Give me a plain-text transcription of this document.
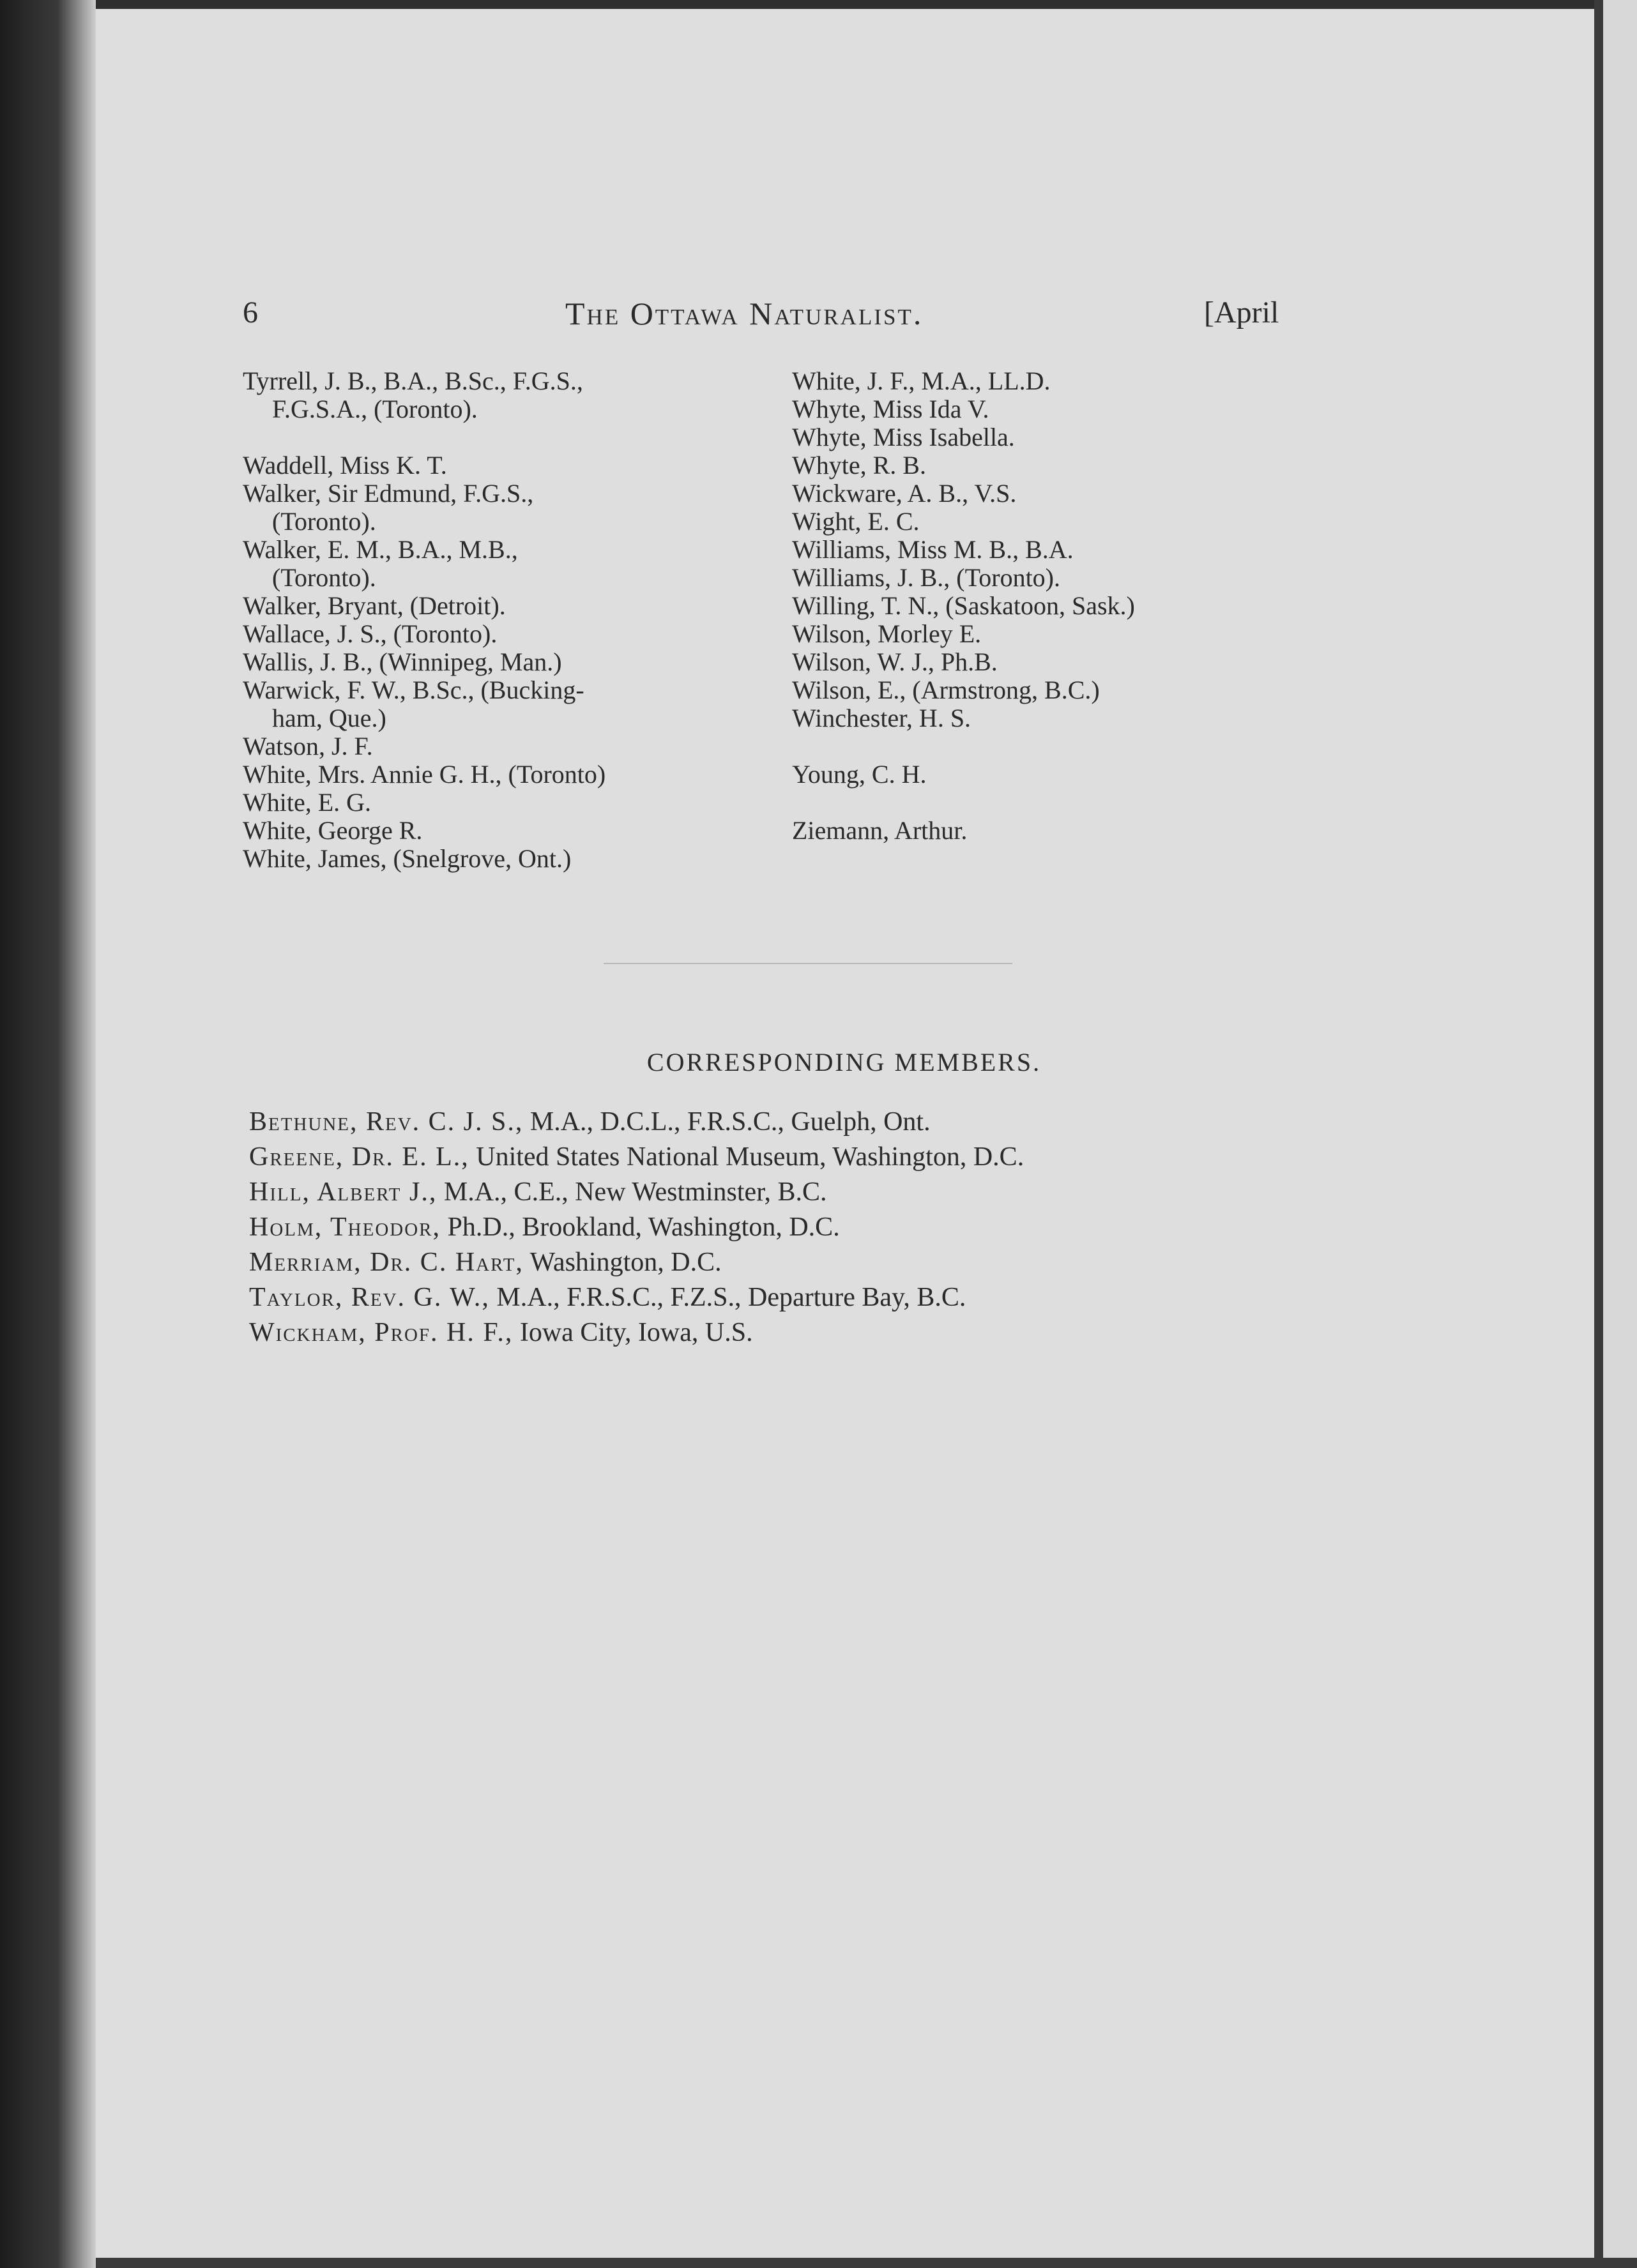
6	The Ottawa Naturalist.	[April

Tyrrell, J. B., B.A., B.Sc., F.G.S.,
F.G.S.A., (Toronto).

Waddell, Miss K. T.

Walker, Sir Edmund, F.G.S.,
(Toronto).

Walker, E. M., B.A., M.B.,
(Toronto).

Walker, Bryant, (Detroit).

Wallace, J. S., (Toronto).

Wallis, J. B., (Winnipeg, Man.)

Warwick, F. W., B.Sc., (Bucking-
ham, Que.)

Watson, J. F.

White, Mrs. Annie G. H., (Toronto)

White, E. G.

White, George R.

White, James, (Snelgrove, Ont.)

White, J. F., M.A., LL.D.

Whyte, Miss Ida V.

Whyte, Miss Isabella.

Whyte, R. B.

Wickware, A. B., V.S.

Wight, E. C.

Williams, Miss M. B., B.A.

Williams, J. B., (Toronto).

Willing, T. N., (Saskatoon, Sask.)

Wilson, Morley E.

Wilson, W. J., Ph.B.

Wilson, E., (Armstrong, B.C.)

Winchester, H. S.

Young, C. H.

Ziemann, Arthur.

CORRESPONDING MEMBERS.

Bethune, Rev. C. J. S., M.A., D.C.L., F.R.S.C., Guelph, Ont.

Greene, Dr. E. L., United States National Museum, Washington, D.C.

Hill, Albert J., M.A., C.E., New Westminster, B.C.

Holm, Theodor, Ph.D., Brookland, Washington, D.C.

Merriam, Dr. C. Hart, Washington, D.C.

Taylor, Rev. G. W., M.A., F.R.S.C., F.Z.S., Departure Bay, B.C.

Wickham, Prof. H. F., Iowa City, Iowa, U.S.
